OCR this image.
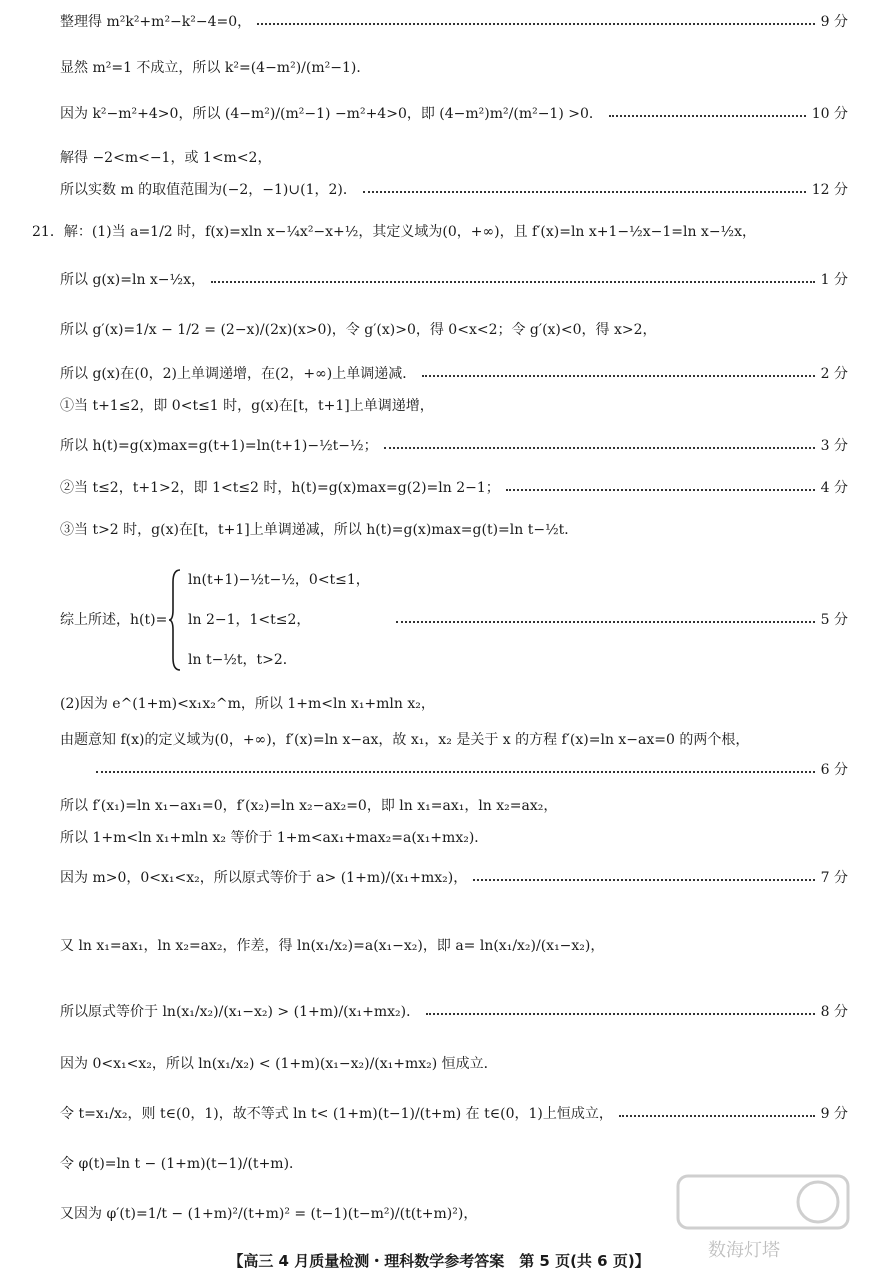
整理得 m²k²+m²−k²−4=0，	9 分
显然 m²=1 不成立，所以 k²=(4−m²)/(m²−1)．
因为 k²−m²+4>0，所以 (4−m²)/(m²−1) −m²+4>0，即 (4−m²)m²/(m²−1) >0．	10 分
解得 −2<m<−1，或 1<m<2，
所以实数 m 的取值范围为(−2，−1)∪(1，2)．	12 分
21．解：(1)当 a=1/2 时，f(x)=xln x−¼x²−x+½，其定义域为(0，+∞)，且 f′(x)=ln x+1−½x−1=ln x−½x，
所以 g(x)=ln x−½x，	1 分
所以 g′(x)=1/x − 1/2 = (2−x)/(2x)(x>0)，令 g′(x)>0，得 0<x<2；令 g′(x)<0，得 x>2，
所以 g(x)在(0，2)上单调递增，在(2，+∞)上单调递减．	2 分
①当 t+1≤2，即 0<t≤1 时，g(x)在[t，t+1]上单调递增，
所以 h(t)=g(x)max=g(t+1)=ln(t+1)−½t−½；	3 分
②当 t≤2，t+1>2，即 1<t≤2 时，h(t)=g(x)max=g(2)=ln 2−1；	4 分
③当 t>2 时，g(x)在[t，t+1]上单调递减，所以 h(t)=g(x)max=g(t)=ln t−½t．
综上所述，h(t)=	5 分
ln(t+1)−½t−½，0<t≤1，
ln 2−1，1<t≤2，
ln t−½t，t>2．
(2)因为 e^(1+m)<x₁x₂^m，所以 1+m<ln x₁+mln x₂，
由题意知 f(x)的定义域为(0，+∞)，f′(x)=ln x−ax，故 x₁，x₂ 是关于 x 的方程 f′(x)=ln x−ax=0 的两个根，
6 分
所以 f′(x₁)=ln x₁−ax₁=0，f′(x₂)=ln x₂−ax₂=0，即 ln x₁=ax₁，ln x₂=ax₂，
所以 1+m<ln x₁+mln x₂ 等价于 1+m<ax₁+max₂=a(x₁+mx₂)．
因为 m>0，0<x₁<x₂，所以原式等价于 a> (1+m)/(x₁+mx₂)，	7 分
又 ln x₁=ax₁，ln x₂=ax₂，作差，得 ln(x₁/x₂)=a(x₁−x₂)，即 a= ln(x₁/x₂)/(x₁−x₂)，
所以原式等价于 ln(x₁/x₂)/(x₁−x₂) > (1+m)/(x₁+mx₂)．	8 分
因为 0<x₁<x₂，所以 ln(x₁/x₂) < (1+m)(x₁−x₂)/(x₁+mx₂) 恒成立．
令 t=x₁/x₂，则 t∈(0，1)，故不等式 ln t< (1+m)(t−1)/(t+m) 在 t∈(0，1)上恒成立，	9 分
令 φ(t)=ln t − (1+m)(t−1)/(t+m)．
又因为 φ′(t)=1/t − (1+m)²/(t+m)² = (t−1)(t−m²)/(t(t+m)²)，
【高三 4 月质量检测・理科数学参考答案　第 5 页(共 6 页)】	数海灯塔
